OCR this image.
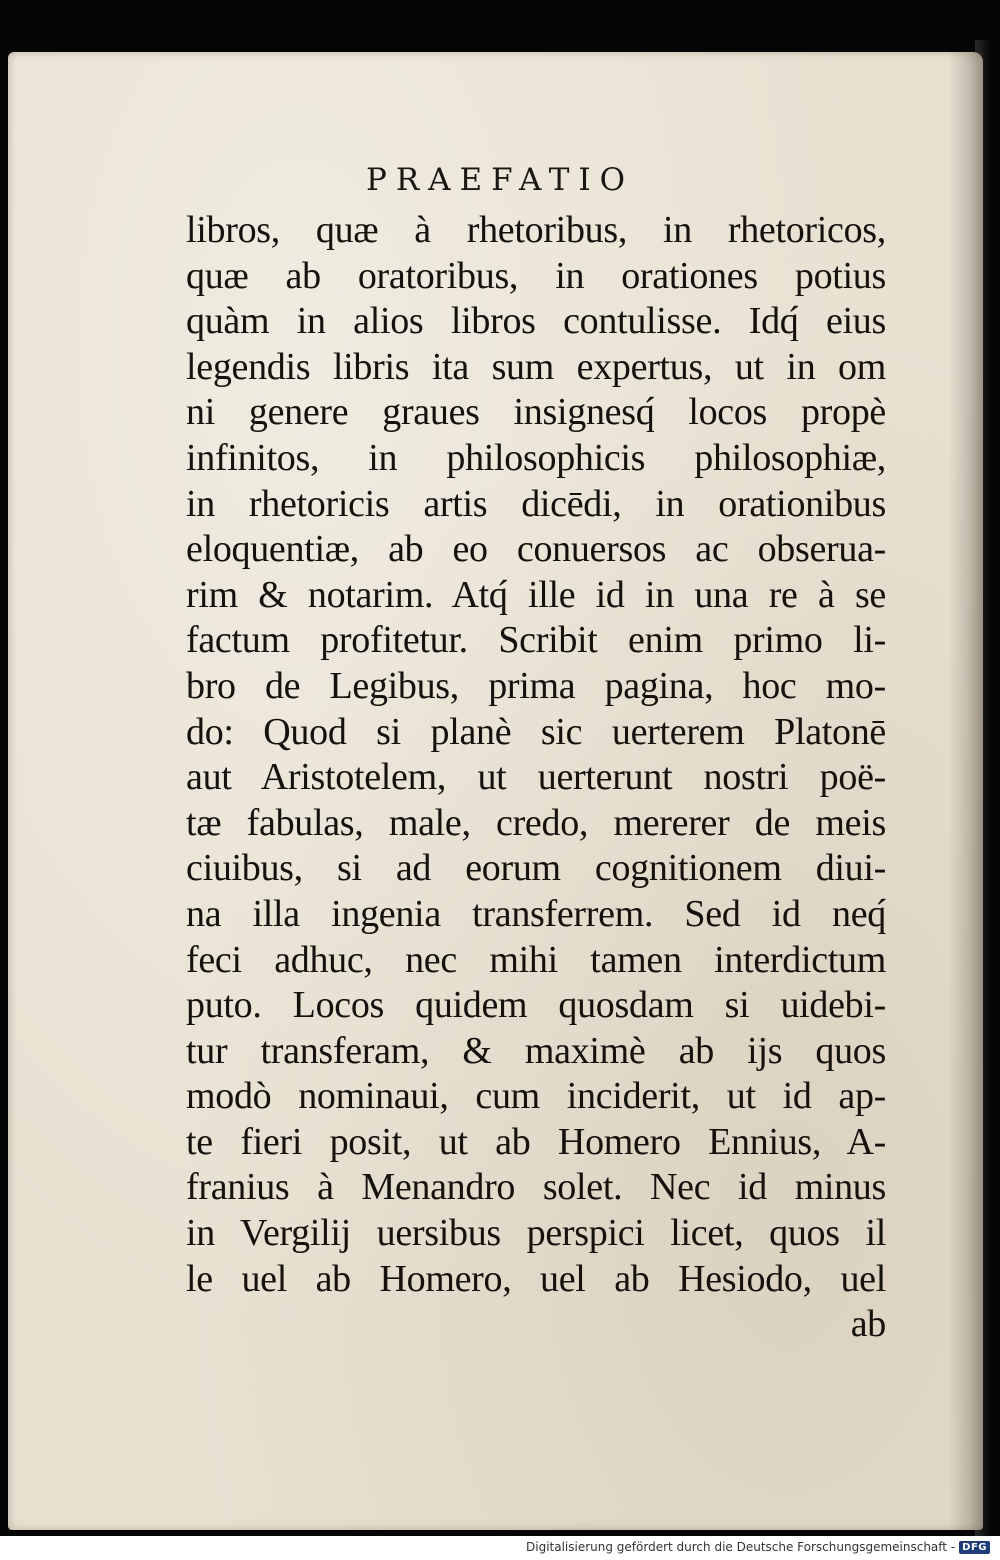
PRAEFATIO
libros, quæ à rhetoribus, in rhetoricos,
quæ ab oratoribus, in orationes potius
quàm in alios libros contulisse. Idq́ eius
legendis libris ita sum expertus, ut in om
ni genere graues insignesq́ locos propè
infinitos, in philosophicis philosophiæ,
in rhetoricis artis dicēdi, in orationibus
eloquentiæ, ab eo conuersos ac obserua-
rim & notarim. Atq́ ille id in una re à se
factum profitetur. Scribit enim primo li-
bro de Legibus, prima pagina, hoc mo-
do: Quod si planè sic uerterem Platonē
aut Aristotelem, ut uerterunt nostri poë-
tæ fabulas, male, credo, mererer de meis
ciuibus, si ad eorum cognitionem diui-
na illa ingenia transferrem. Sed id neq́
feci adhuc, nec mihi tamen interdictum
puto. Locos quidem quosdam si uidebi-
tur transferam, & maximè ab ijs quos
modò nominaui, cum inciderit, ut id ap-
te fieri posit, ut ab Homero Ennius, A-
franius à Menandro solet. Nec id minus
in Vergilij uersibus perspici licet, quos il
le uel ab Homero, uel ab Hesiodo, uel
ab
Digitalisierung gefördert durch die Deutsche Forschungsgemeinschaft - DFG
